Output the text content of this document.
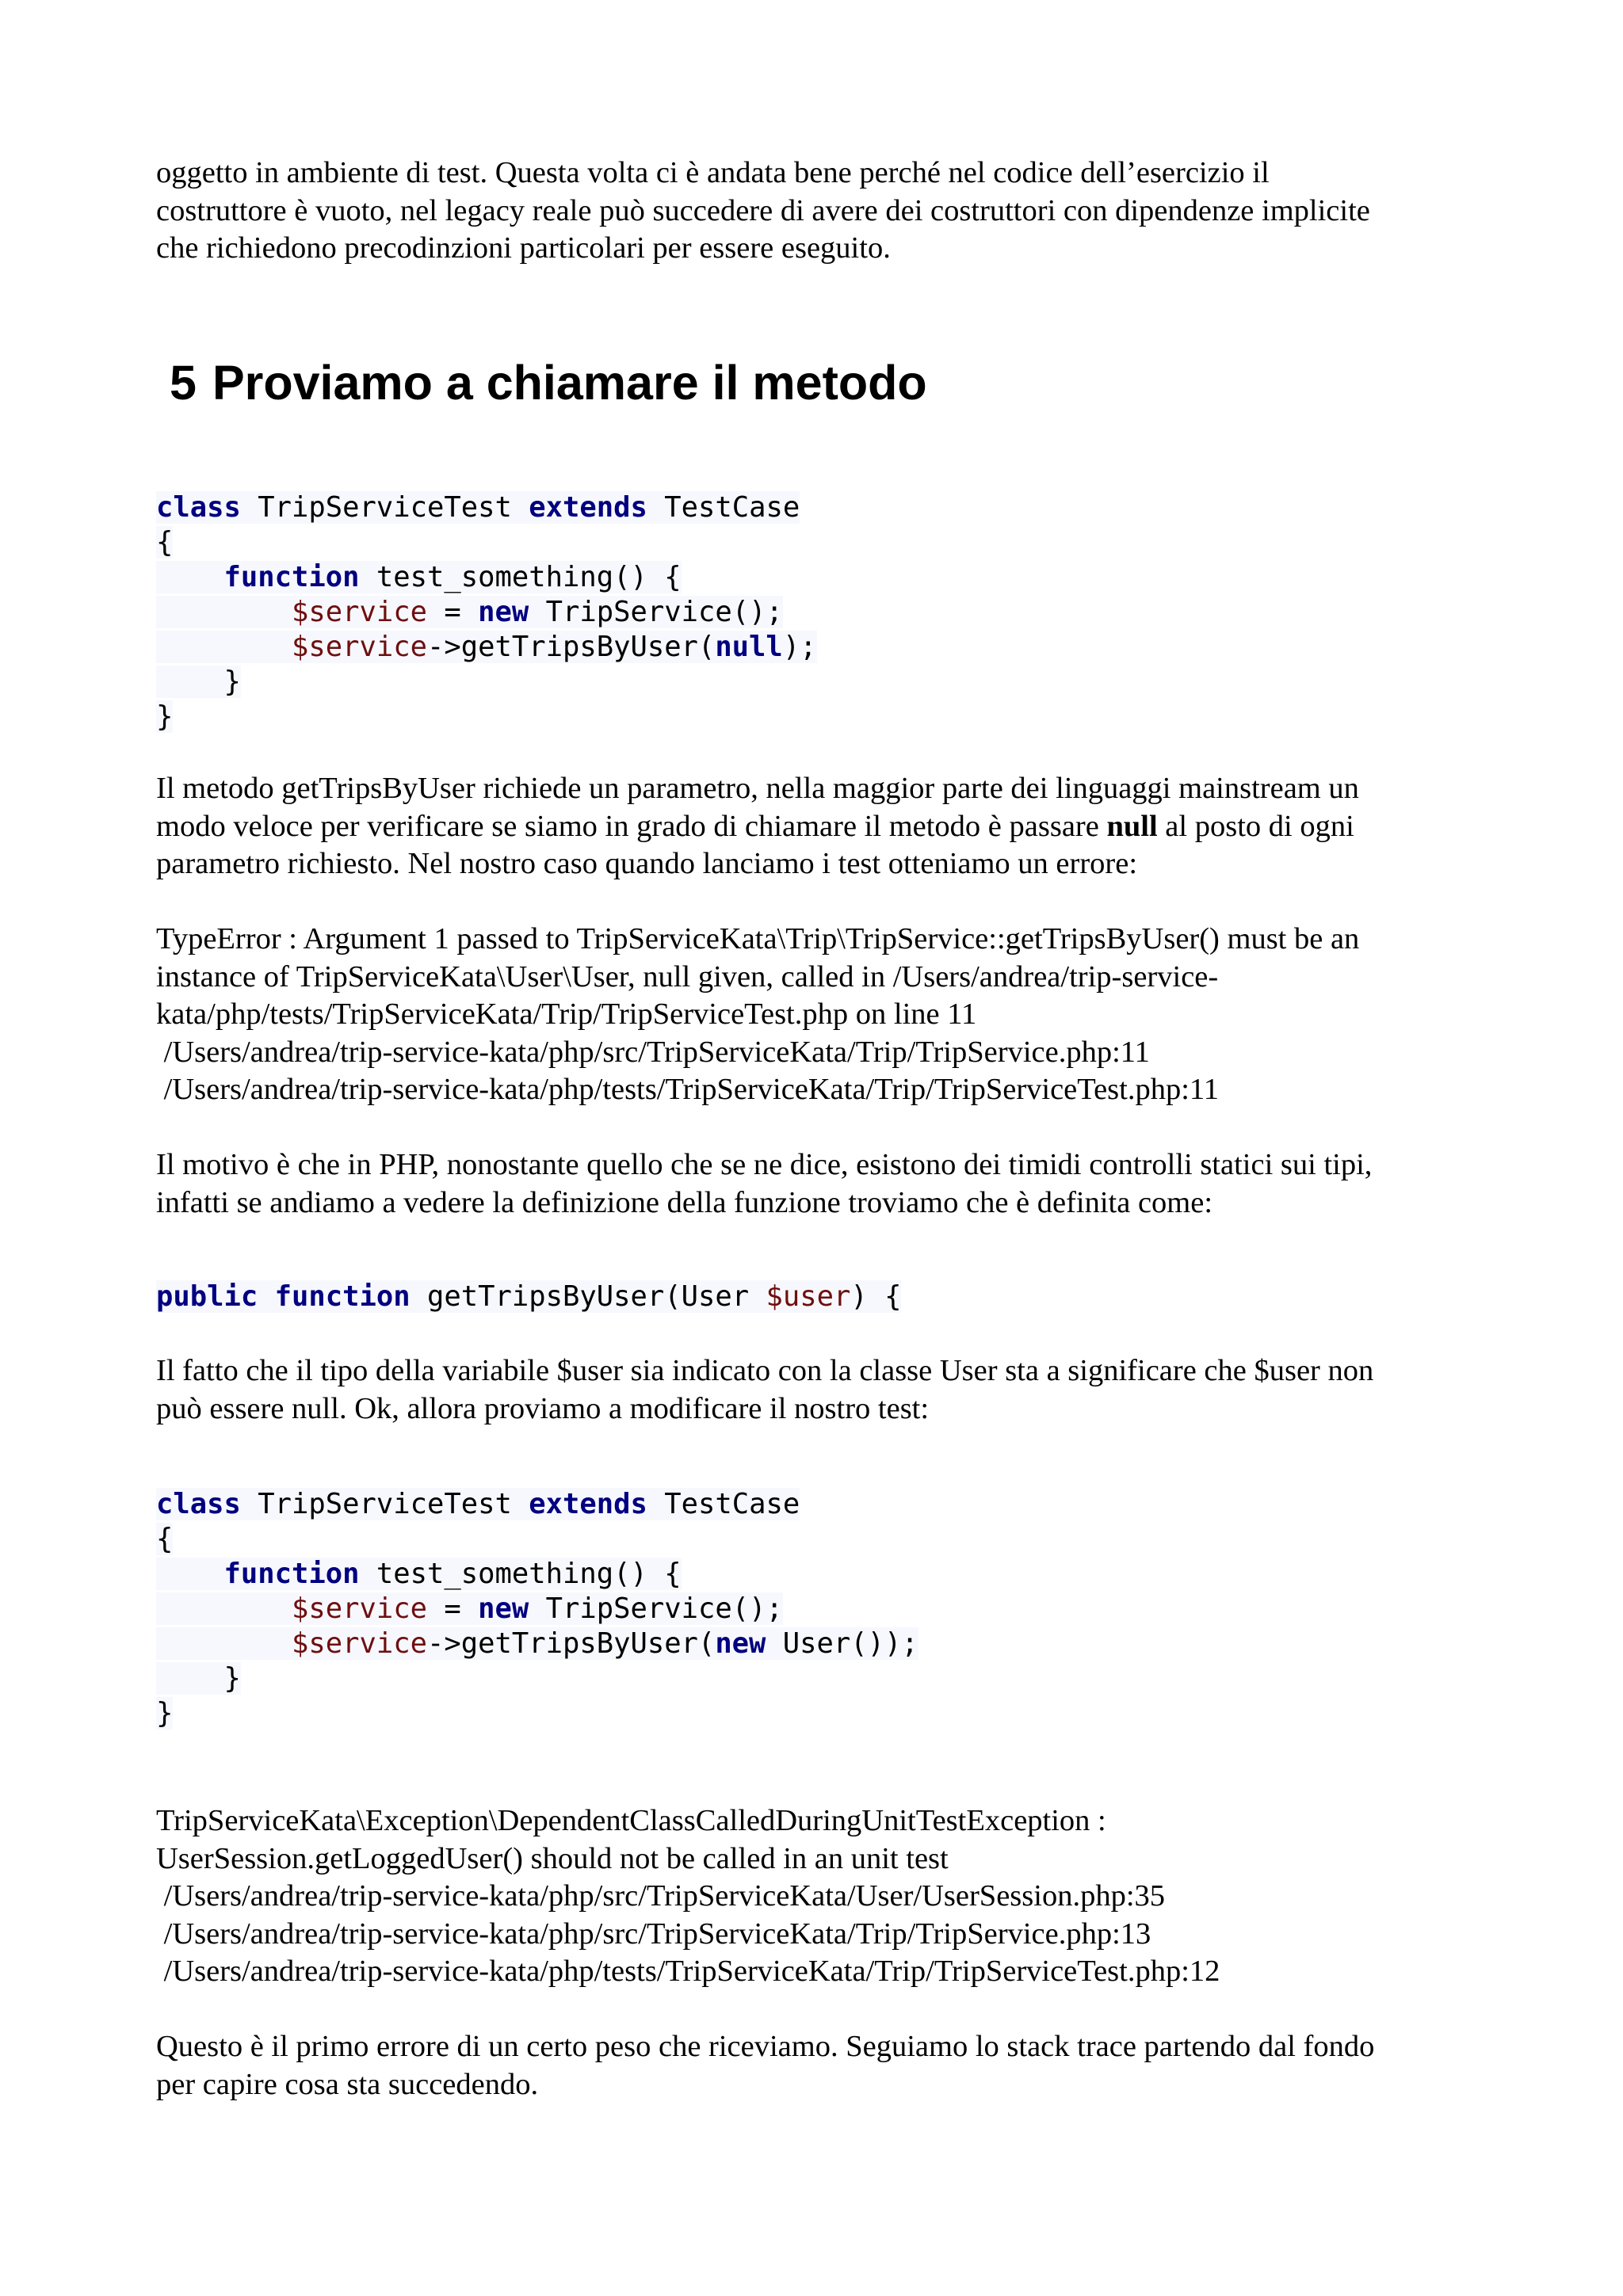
oggetto in ambiente di test. Questa volta ci è andata bene perché nel codice dell’esercizio il
costruttore è vuoto, nel legacy reale può succedere di avere dei costruttori con dipendenze implicite
che richiedono precodinzioni particolari per essere eseguito.

5 Proviamo a chiamare il metodo
class TripServiceTest extends TestCase
{
function test_something() {
$service = new TripService();
$service->getTripsByUser(null);
}
}

Il metodo getTripsByUser richiede un parametro, nella maggior parte dei linguaggi mainstream un
modo veloce per verificare se siamo in grado di chiamare il metodo è passare null al posto di ogni
parametro richiesto. Nel nostro caso quando lanciamo i test otteniamo un errore:

TypeError : Argument 1 passed to TripServiceKata\Trip\TripService::getTripsByUser() must be an
instance of TripServiceKata\User\User, null given, called in /Users/andrea/trip-service-
kata/php/tests/TripServiceKata/Trip/TripServiceTest.php on line 11
/Users/andrea/trip-service-kata/php/src/TripServiceKata/Trip/TripService.php:11
/Users/andrea/trip-service-kata/php/tests/TripServiceKata/Trip/TripServiceTest.php:11

Il motivo è che in PHP, nonostante quello che se ne dice, esistono dei timidi controlli statici sui tipi,
infatti se andiamo a vedere la definizione della funzione troviamo che è definita come:

public function getTripsByUser(User $user) {

Il fatto che il tipo della variabile $user sia indicato con la classe User sta a significare che $user non
può essere null. Ok, allora proviamo a modificare il nostro test:

class TripServiceTest extends TestCase
{
function test_something() {
$service = new TripService();
$service->getTripsByUser(new User());
}
}

TripServiceKata\Exception\DependentClassCalledDuringUnitTestException :
UserSession.getLoggedUser() should not be called in an unit test
/Users/andrea/trip-service-kata/php/src/TripServiceKata/User/UserSession.php:35
/Users/andrea/trip-service-kata/php/src/TripServiceKata/Trip/TripService.php:13
/Users/andrea/trip-service-kata/php/tests/TripServiceKata/Trip/TripServiceTest.php:12

Questo è il primo errore di un certo peso che riceviamo. Seguiamo lo stack trace partendo dal fondo
per capire cosa sta succedendo.
